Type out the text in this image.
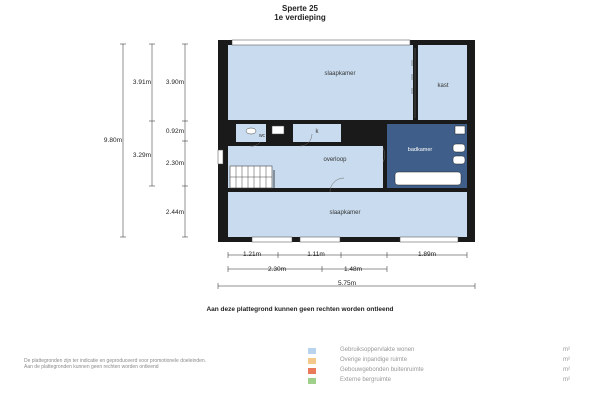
Sperte 25
1e verdieping
slaapkamer
kast
wc
k
overloop
badkamer
slaapkamer
9.80m
3.91m 3.90m
0.92m
3.29m
2.30m
2.44m
1.21m	1.11m	1.89m
2.30m	1.48m
5.75m
Aan deze plattegrond kunnen geen rechten worden ontleend
De plattegronden zijn ter indicatie en geproduceerd voor promotionele doeleinden.
Aan de plattegronden kunnen geen rechten worden ontleend
Gebruiksoppervlakte wonen	m²
Overige inpandige ruimte	m²
Gebouwgebonden buitenruimte	m²
Externe bergruimte	m²
